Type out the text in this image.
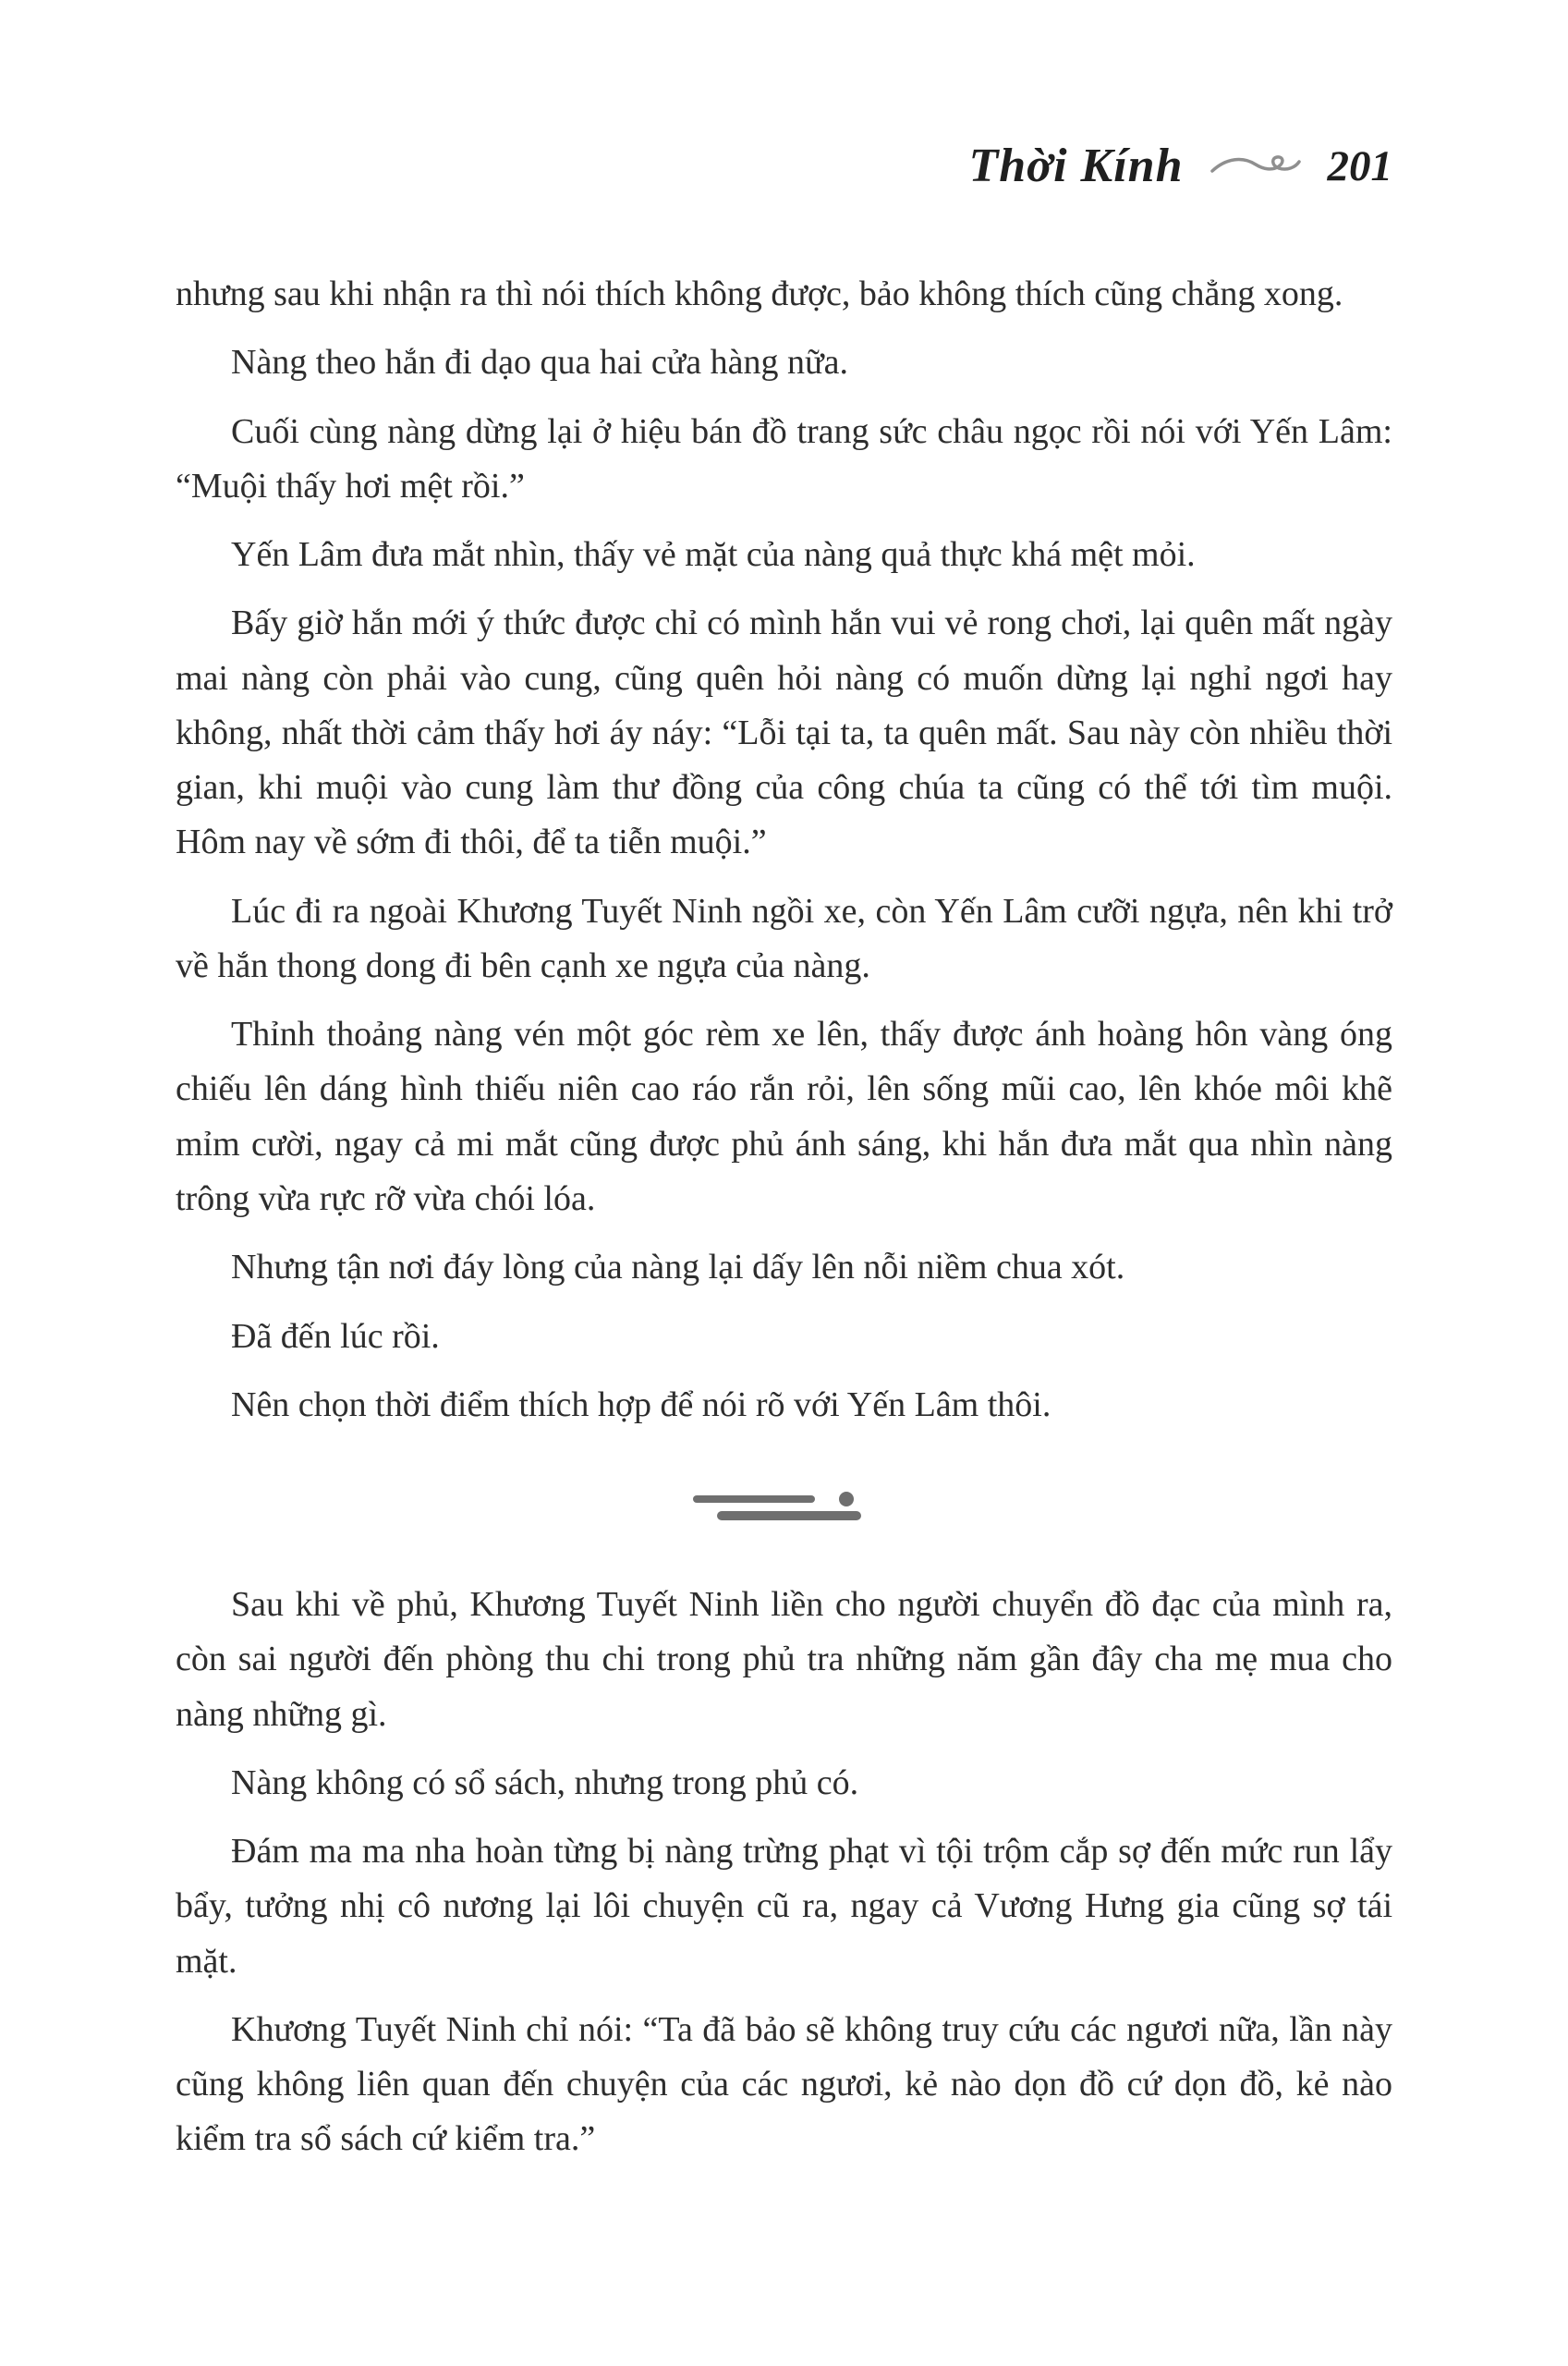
Thời Kính	201

nhưng sau khi nhận ra thì nói thích không được, bảo không thích cũng chẳng xong.

Nàng theo hắn đi dạo qua hai cửa hàng nữa.

Cuối cùng nàng dừng lại ở hiệu bán đồ trang sức châu ngọc rồi nói với Yến Lâm: “Muội thấy hơi mệt rồi.”

Yến Lâm đưa mắt nhìn, thấy vẻ mặt của nàng quả thực khá mệt mỏi.

Bấy giờ hắn mới ý thức được chỉ có mình hắn vui vẻ rong chơi, lại quên mất ngày mai nàng còn phải vào cung, cũng quên hỏi nàng có muốn dừng lại nghỉ ngơi hay không, nhất thời cảm thấy hơi áy náy: “Lỗi tại ta, ta quên mất. Sau này còn nhiều thời gian, khi muội vào cung làm thư đồng của công chúa ta cũng có thể tới tìm muội. Hôm nay về sớm đi thôi, để ta tiễn muội.”

Lúc đi ra ngoài Khương Tuyết Ninh ngồi xe, còn Yến Lâm cưỡi ngựa, nên khi trở về hắn thong dong đi bên cạnh xe ngựa của nàng.

Thỉnh thoảng nàng vén một góc rèm xe lên, thấy được ánh hoàng hôn vàng óng chiếu lên dáng hình thiếu niên cao ráo rắn rỏi, lên sống mũi cao, lên khóe môi khẽ mỉm cười, ngay cả mi mắt cũng được phủ ánh sáng, khi hắn đưa mắt qua nhìn nàng trông vừa rực rỡ vừa chói lóa.

Nhưng tận nơi đáy lòng của nàng lại dấy lên nỗi niềm chua xót.

Đã đến lúc rồi.

Nên chọn thời điểm thích hợp để nói rõ với Yến Lâm thôi.

Sau khi về phủ, Khương Tuyết Ninh liền cho người chuyển đồ đạc của mình ra, còn sai người đến phòng thu chi trong phủ tra những năm gần đây cha mẹ mua cho nàng những gì.

Nàng không có sổ sách, nhưng trong phủ có.

Đám ma ma nha hoàn từng bị nàng trừng phạt vì tội trộm cắp sợ đến mức run lẩy bẩy, tưởng nhị cô nương lại lôi chuyện cũ ra, ngay cả Vương Hưng gia cũng sợ tái mặt.

Khương Tuyết Ninh chỉ nói: “Ta đã bảo sẽ không truy cứu các ngươi nữa, lần này cũng không liên quan đến chuyện của các ngươi, kẻ nào dọn đồ cứ dọn đồ, kẻ nào kiểm tra sổ sách cứ kiểm tra.”
